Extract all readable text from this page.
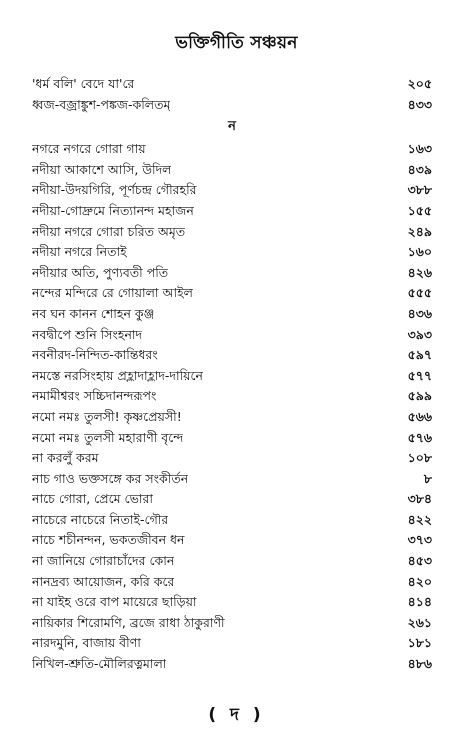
ভক্তিগীতি সঞ্চয়ন
'ধর্ম বলি' বেদে যা'রে	২০৫
ধ্বজ-বজ্রাঙ্কুশ-পঙ্কজ-কলিতম্	৪৩৩
ন
নগরে নগরে গোরা গায়	১৬৩
নদীয়া আকাশে আসি, উদিল	৪৩৯
নদীয়া-উদয়গিরি, পূর্ণচন্দ্র গৌরহরি	৩৮৮
নদীয়া-গোদ্রুমে নিত্যানন্দ মহাজন	১৫৫
নদীয়া নগরে গোরা চরিত অমৃত	২৪৯
নদীয়া নগরে নিতাই	১৬০
নদীয়ার অতি, পুণ্যবতী পতি	৪২৬
নন্দের মন্দিরে রে গোয়ালা আইল	৫৫৫
নব ঘন কানন শোহন কুঞ্জ	৪৩৬
নবদ্বীপে শুনি সিংহনাদ	৩৯৩
নবনীরদ-নিন্দিত-কান্তিধরং	৫৯৭
নমস্তে নরসিংহায় প্রহ্লাদাহ্লাদ-দায়িনে	৫৭৭
নমামীশ্বরং সচ্চিদানন্দরূপং	৫৯৯
নমো নমঃ তুলসী! কৃষ্ণপ্রেয়সী!	৫৬৬
নমো নমঃ তুলসী মহারাণী বৃন্দে	৫৭৬
না করলুঁ করম	১০৮
নাচ গাও ভক্তসঙ্গে কর সংকীর্তন	৮
নাচে গোরা, প্রেমে ভোরা	৩৮৪
নাচেরে নাচেরে নিতাই-গৌর	৪২২
নাচে শচীনন্দন, ভকতজীবন ধন	৩৭৩
না জানিয়ে গোরাচাঁদের কোন	৪৫৩
নানদ্রব্য আয়োজন, করি করে	৪২০
না যাইহ ওরে বাপ মায়েরে ছাড়িয়া	৪১৪
নায়িকার শিরোমণি, ব্রজে রাধা ঠাকুরাণী	২৬১
নারদমুনি, বাজায় বীণা	১৮১
নিখিল-শ্রুতি-মৌলিরত্নমালা	৪৮৬
( দ )
